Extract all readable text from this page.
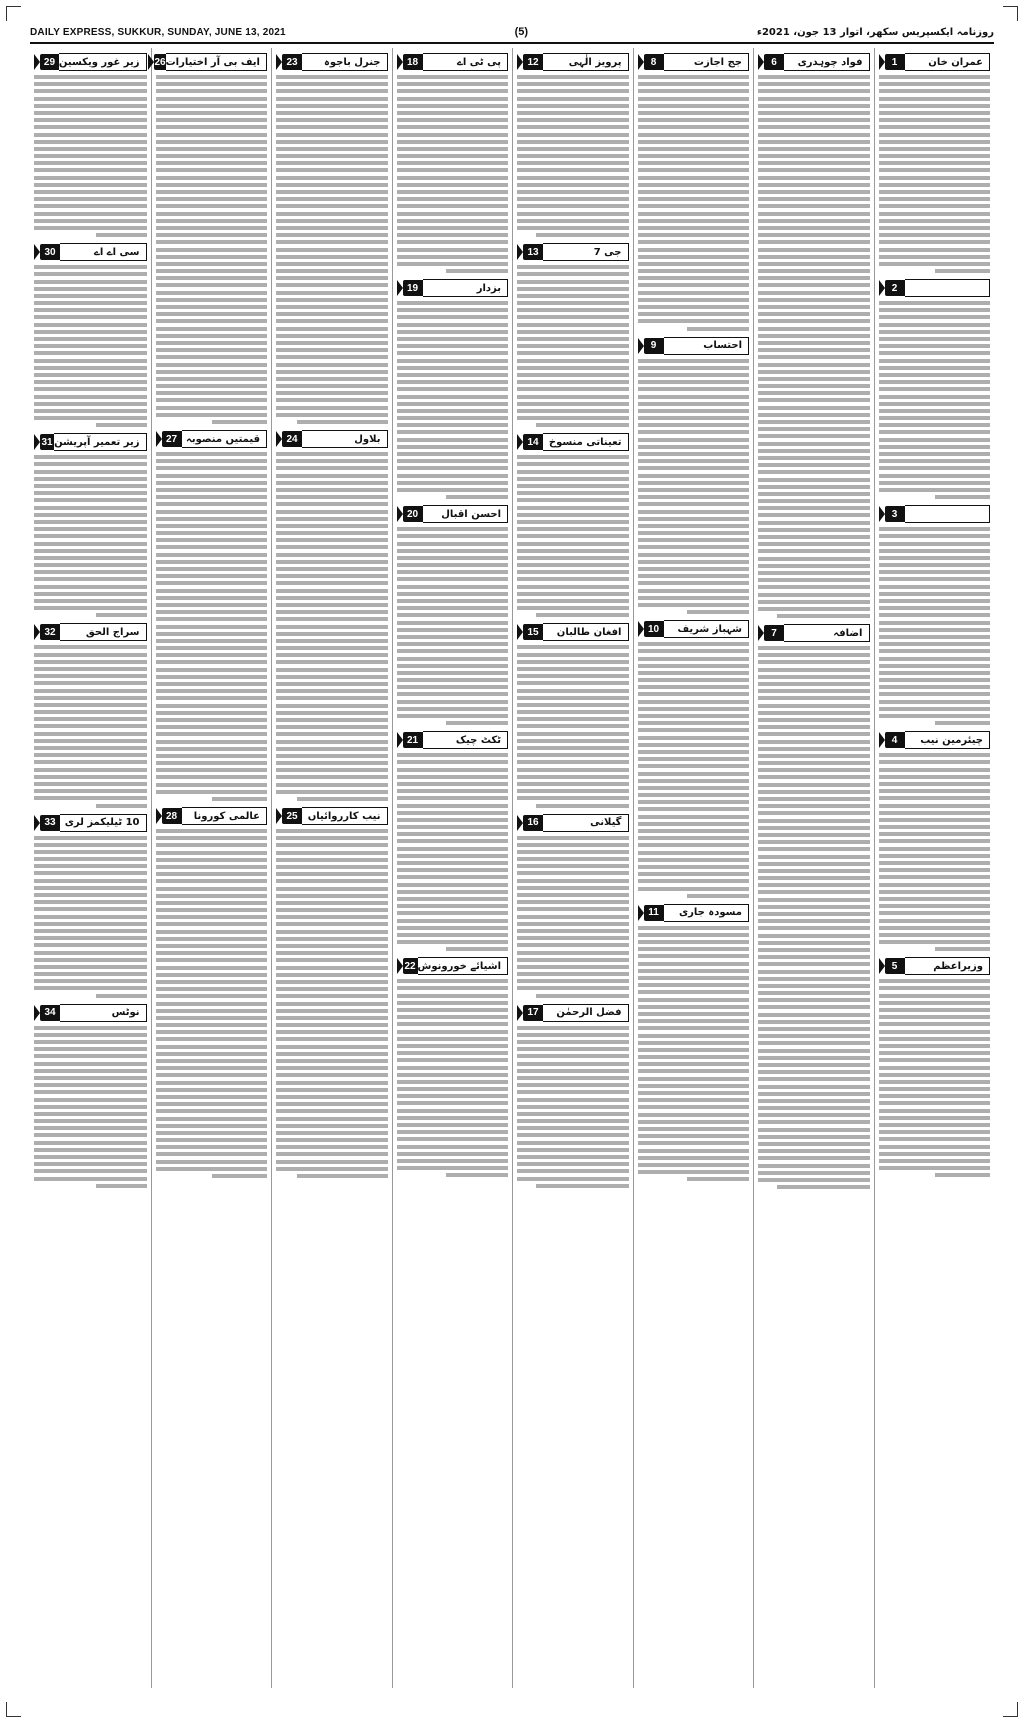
DAILY EXPRESS, SUKKUR, SUNDAY, JUNE 13, 2021	(5)	روزنامہ ایکسپریس سکھر، اتوار 13 جون، 2021ء
عمران خان
1
2
3
چیئرمین نیب
4
وزیراعظم
5
فواد چوہدری
6
اضافہ
7
جج اجازت
8
احتساب
9
شہباز شریف
10
مسودہ جاری
11
پرویز الٰہی
12
جی 7
13
تعیناتی منسوخ
14
افغان طالبان
15
گیلانی
16
فضل الرحمٰن
17
پی ٹی اے
18
بزدار
19
احسن اقبال
20
ٹکٹ چیک
21
اشیائے خورونوش
22
جنرل باجوہ
23
بلاول
24
نیب کارروائیاں
25
ایف بی آر اختیارات
26
قیمتیں منصوبہ
27
عالمی کورونا
28
زیر غور ویکسین
29
سی اے اے
30
زیر تعمیر آپریشن
31
سراج الحق
32
10 ٹیلیکمز لری
33
نوٹس
34
